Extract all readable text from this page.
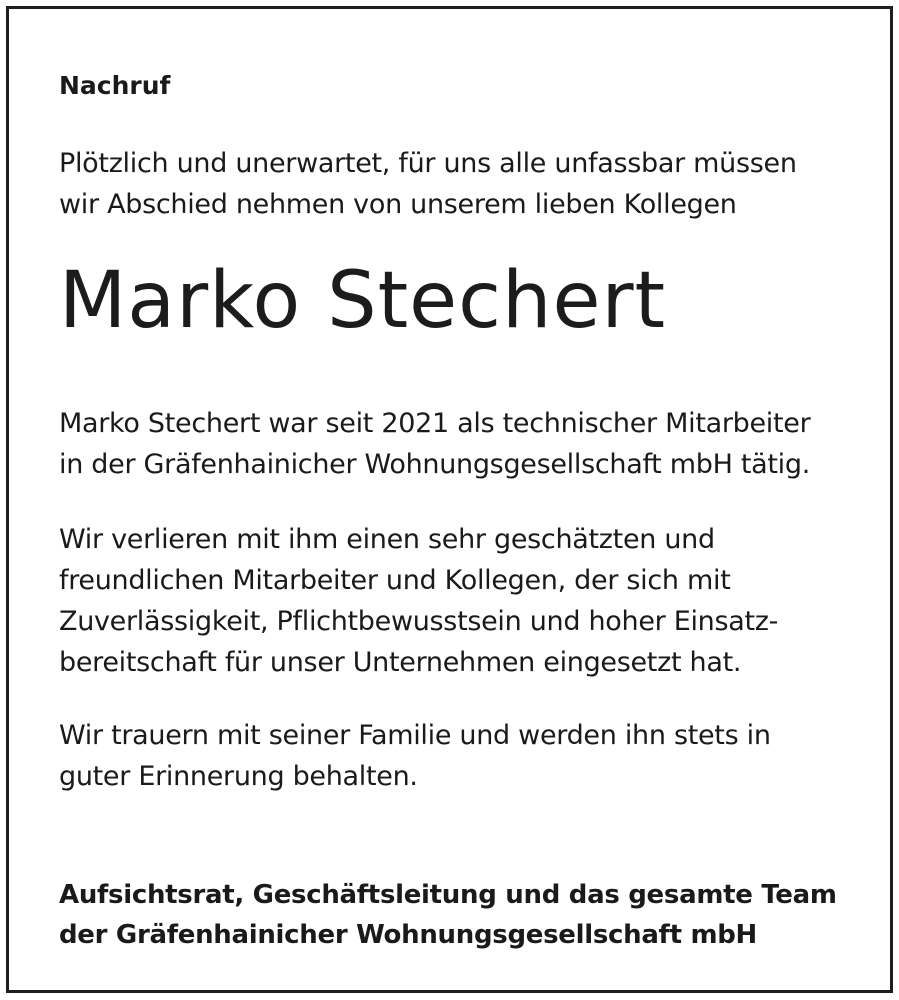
Nachruf
Plötzlich und unerwartet, für uns alle unfassbar müssen
wir Abschied nehmen von unserem lieben Kollegen
Marko Stechert
Marko Stechert war seit 2021 als technischer Mitarbeiter
in der Gräfenhainicher Wohnungsgesellschaft mbH tätig.
Wir verlieren mit ihm einen sehr geschätzten und
freundlichen Mitarbeiter und Kollegen, der sich mit
Zuverlässigkeit, Pflichtbewusstsein und hoher Einsatz-
bereitschaft für unser Unternehmen eingesetzt hat.
Wir trauern mit seiner Familie und werden ihn stets in
guter Erinnerung behalten.
Aufsichtsrat, Geschäftsleitung und das gesamte Team
der Gräfenhainicher Wohnungsgesellschaft mbH
